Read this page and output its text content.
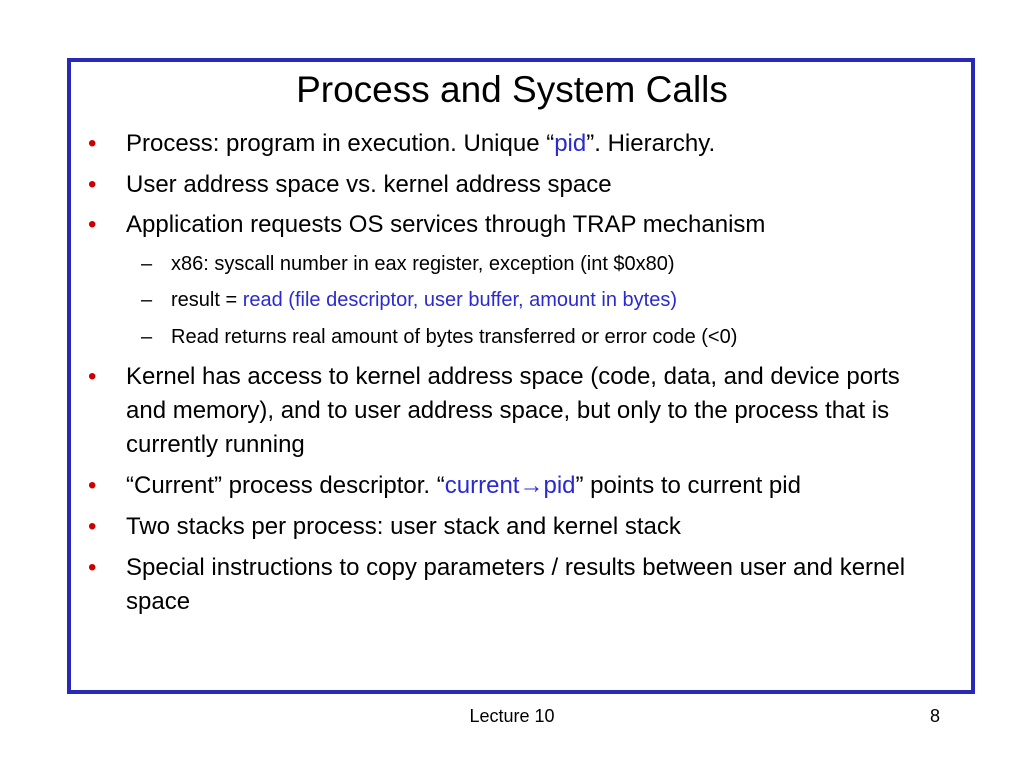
Process and System Calls
• Process: program in execution. Unique “pid”. Hierarchy.
• User address space vs. kernel address space
• Application requests OS services through TRAP mechanism
– x86: syscall number in eax register, exception (int $0x80)
– result = read (file descriptor, user buffer, amount in bytes)
– Read returns real amount of bytes transferred or error code (<0)
• Kernel has access to kernel address space (code, data, and device ports and memory), and to user address space, but only to the process that is currently running
• “Current” process descriptor. “current→pid” points to current pid
• Two stacks per process: user stack and kernel stack
• Special instructions to copy parameters / results between user and kernel space
Lecture 10	8
